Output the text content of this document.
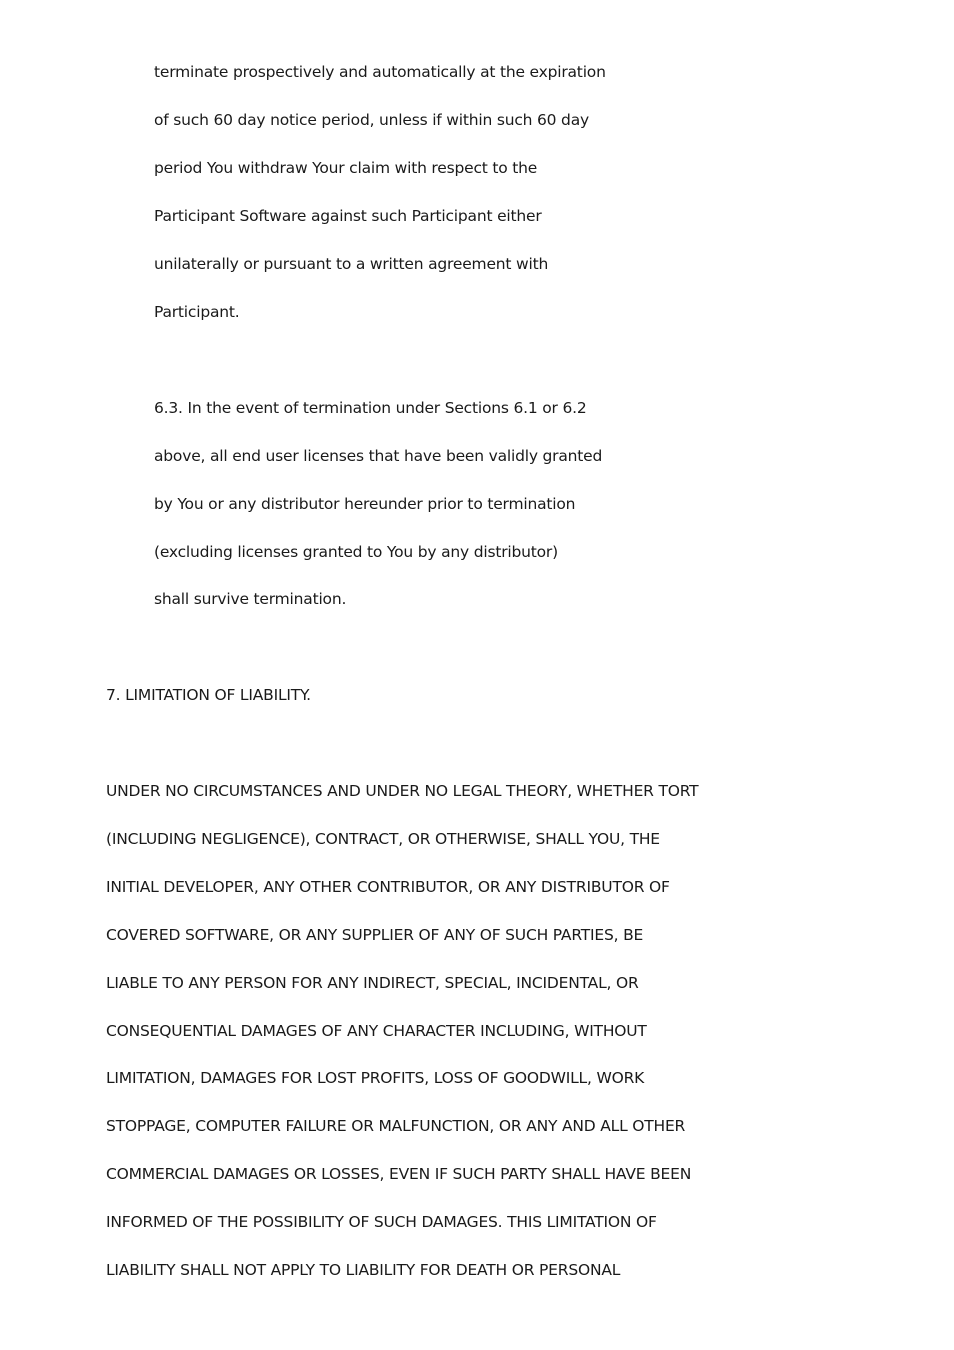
terminate prospectively and automatically at the expiration
of such 60 day notice period, unless if within such 60 day
period You withdraw Your claim with respect to the
Participant Software against such Participant either
unilaterally or pursuant to a written agreement with
Participant.
6.3. In the event of termination under Sections 6.1 or 6.2
above, all end user licenses that have been validly granted
by You or any distributor hereunder prior to termination
(excluding licenses granted to You by any distributor)
shall survive termination.
7. LIMITATION OF LIABILITY.
UNDER NO CIRCUMSTANCES AND UNDER NO LEGAL THEORY, WHETHER TORT
(INCLUDING NEGLIGENCE), CONTRACT, OR OTHERWISE, SHALL YOU, THE
INITIAL DEVELOPER, ANY OTHER CONTRIBUTOR, OR ANY DISTRIBUTOR OF
COVERED SOFTWARE, OR ANY SUPPLIER OF ANY OF SUCH PARTIES, BE
LIABLE TO ANY PERSON FOR ANY INDIRECT, SPECIAL, INCIDENTAL, OR
CONSEQUENTIAL DAMAGES OF ANY CHARACTER INCLUDING, WITHOUT
LIMITATION, DAMAGES FOR LOST PROFITS, LOSS OF GOODWILL, WORK
STOPPAGE, COMPUTER FAILURE OR MALFUNCTION, OR ANY AND ALL OTHER
COMMERCIAL DAMAGES OR LOSSES, EVEN IF SUCH PARTY SHALL HAVE BEEN
INFORMED OF THE POSSIBILITY OF SUCH DAMAGES. THIS LIMITATION OF
LIABILITY SHALL NOT APPLY TO LIABILITY FOR DEATH OR PERSONAL
